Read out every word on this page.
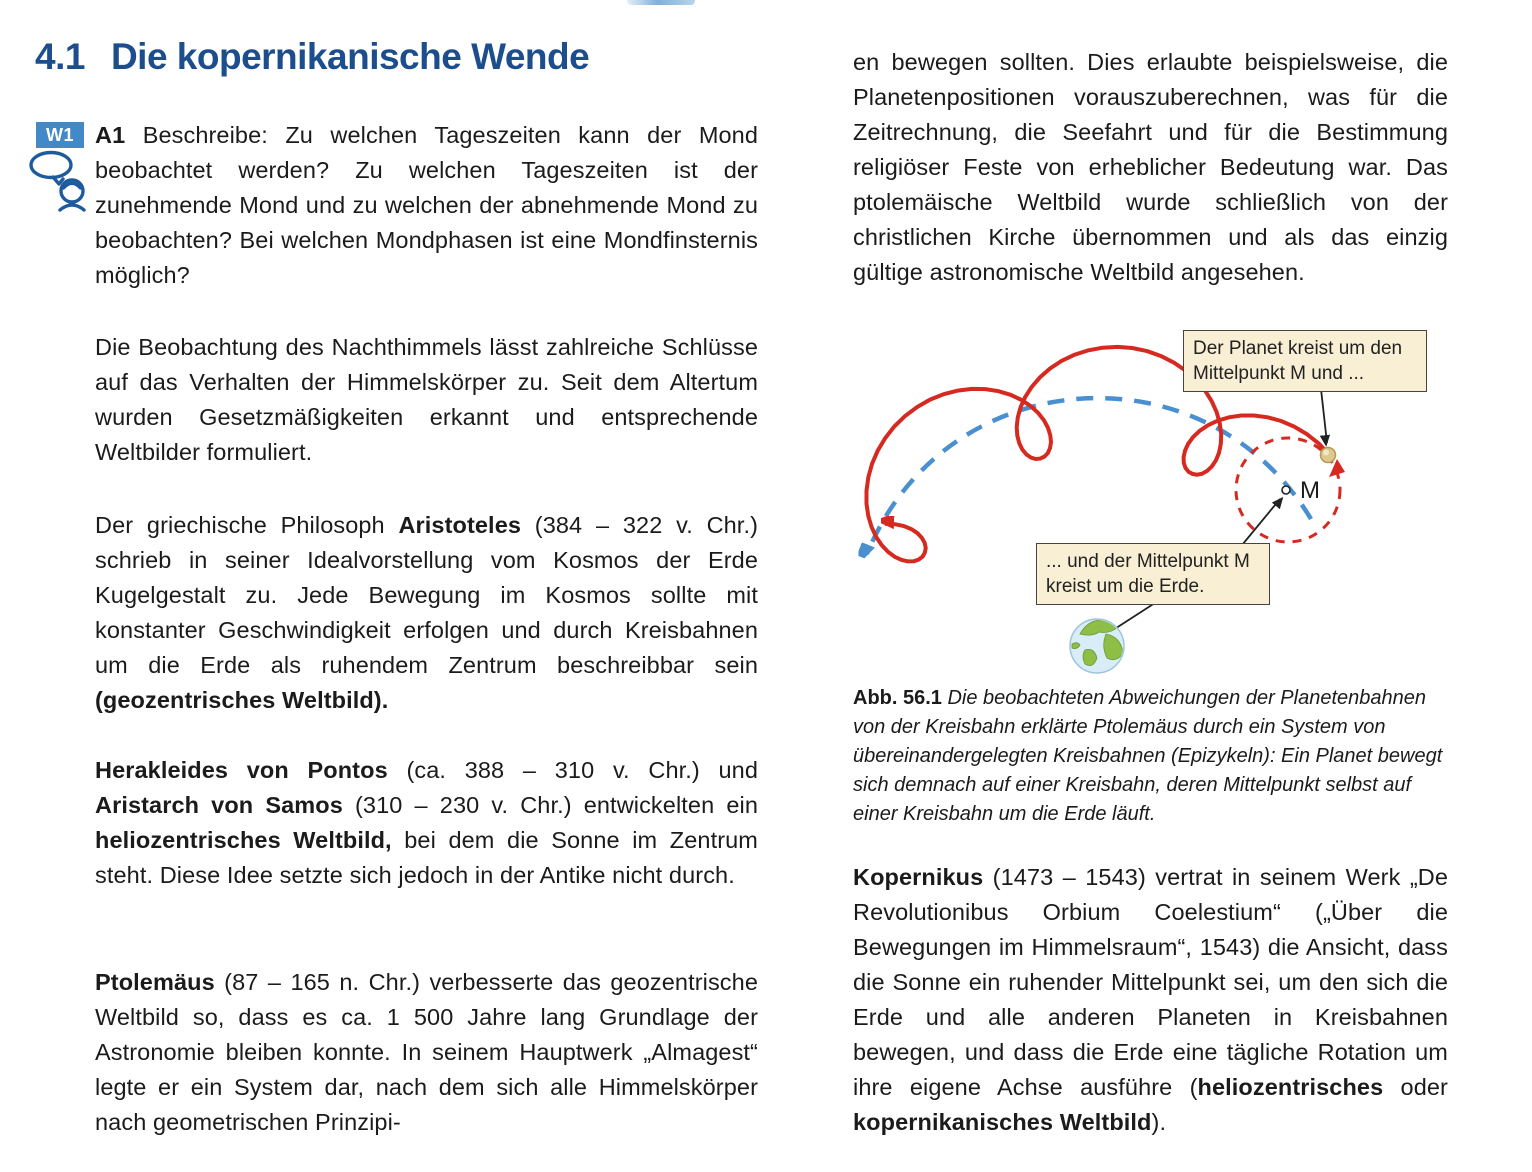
4.1 Die kopernikanische Wende
W1 A1 Beschreibe: Zu welchen Tageszeiten kann der Mond beobachtet werden? Zu welchen Tageszeiten ist der zunehmende Mond und zu welchen der abnehmende Mond zu beobachten? Bei welchen Mondphasen ist eine Mondfinsternis möglich?
Die Beobachtung des Nachthimmels lässt zahlreiche Schlüsse auf das Verhalten der Himmelskörper zu. Seit dem Altertum wurden Gesetzmäßigkeiten erkannt und entsprechende Weltbilder formuliert.
Der griechische Philosoph Aristoteles (384 – 322 v. Chr.) schrieb in seiner Idealvorstellung vom Kosmos der Erde Kugelgestalt zu. Jede Bewegung im Kosmos sollte mit konstanter Geschwindigkeit erfolgen und durch Kreisbahnen um die Erde als ruhendem Zentrum beschreibbar sein (geozentrisches Weltbild).
Herakleides von Pontos (ca. 388 – 310 v. Chr.) und Aristarch von Samos (310 – 230 v. Chr.) entwickelten ein heliozentrisches Weltbild, bei dem die Sonne im Zentrum steht. Diese Idee setzte sich jedoch in der Antike nicht durch.
Ptolemäus (87 – 165 n. Chr.) verbesserte das geozentrische Weltbild so, dass es ca. 1 500 Jahre lang Grundlage der Astronomie bleiben konnte. In seinem Hauptwerk „Almagest“ legte er ein System dar, nach dem sich alle Himmelskörper nach geometrischen Prinzipi-
en bewegen sollten. Dies erlaubte beispielsweise, die Planetenpositionen vorauszuberechnen, was für die Zeitrechnung, die Seefahrt und für die Bestimmung religiöser Feste von erheblicher Bedeutung war. Das ptolemäische Weltbild wurde schließlich von der christlichen Kirche übernommen und als das einzig gültige astronomische Weltbild angesehen.
M
Der Planet kreist um den Mittelpunkt M und ...
... und der Mittelpunkt M kreist um die Erde.
Abb. 56.1 Die beobachteten Abweichungen der Planetenbahnen von der Kreisbahn erklärte Ptolemäus durch ein System von übereinandergelegten Kreisbahnen (Epizykeln): Ein Planet bewegt sich demnach auf einer Kreisbahn, deren Mittelpunkt selbst auf einer Kreisbahn um die Erde läuft.
Kopernikus (1473 – 1543) vertrat in seinem Werk „De Revolutionibus Orbium Coelestium“ („Über die Bewegungen im Himmelsraum“, 1543) die Ansicht, dass die Sonne ein ruhender Mittelpunkt sei, um den sich die Erde und alle anderen Planeten in Kreisbahnen bewegen, und dass die Erde eine tägliche Rotation um ihre eigene Achse ausführe (heliozentrisches oder kopernikanisches Weltbild).
